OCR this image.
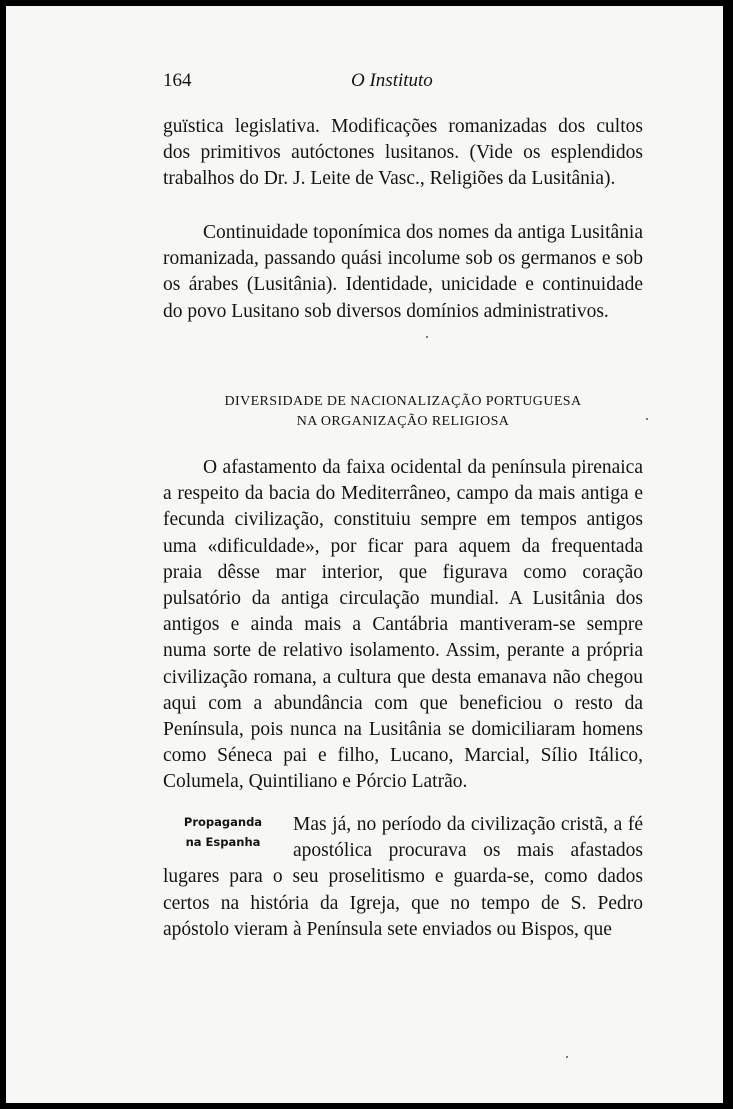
164	O Instituto
guïstica legislativa. Modificações romanizadas dos cultos dos primitivos autóctones lusitanos. (Vide os esplendidos trabalhos do Dr. J. Leite de Vasc., Religiões da Lusitânia).
Continuidade toponímica dos nomes da antiga Lusitânia romanizada, passando quási incolume sob os germanos e sob os árabes (Lusitânia). Identidade, unicidade e continuidade do povo Lusitano sob diversos domínios administrativos.
DIVERSIDADE DE NACIONALIZAÇÃO PORTUGUESA
NA ORGANIZAÇÃO RELIGIOSA
O afastamento da faixa ocidental da península pirenaica a respeito da bacia do Mediterrâneo, campo da mais antiga e fecunda civilização, constituiu sempre em tempos antigos uma «dificuldade», por ficar para aquem da frequentada praia dêsse mar interior, que figurava como coração pulsatório da antiga circulação mundial. A Lusitânia dos antigos e ainda mais a Cantábria mantiveram-se sempre numa sorte de relativo isolamento. Assim, perante a própria civilização romana, a cultura que desta emanava não chegou aqui com a abundância com que beneficiou o resto da Península, pois nunca na Lusitânia se domiciliaram homens como Séneca pai e filho, Lucano, Marcial, Sílio Itálico, Columela, Quintiliano e Pórcio Latrão.
Propaganda
na Espanha
Mas já, no período da civilização cristã, a fé apostólica procurava os mais afastados lugares para o seu proselitismo e guarda-se, como dados certos na história da Igreja, que no tempo de S. Pedro apóstolo vieram à Península sete enviados ou Bispos, que
